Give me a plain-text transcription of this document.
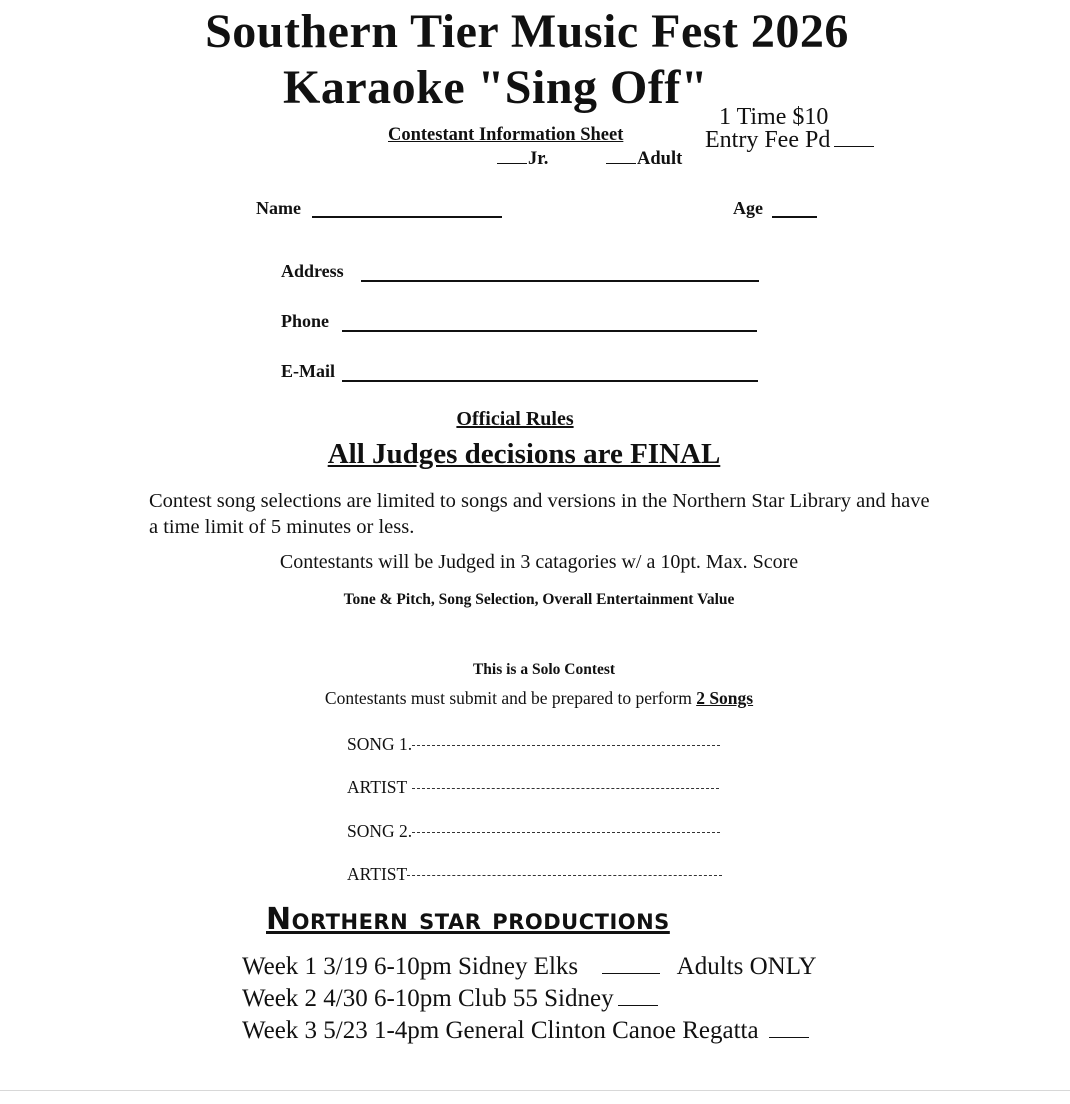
Southern Tier Music Fest 2026
Karaoke "Sing Off"
1 Time $10
Entry Fee Pd
Contestant Information Sheet
Jr.	Adult
Name	Age
Address
Phone
E-Mail
Official Rules
All Judges decisions are FINAL
Contest song selections are limited to songs and versions in the Northern Star Library and have a time limit of 5 minutes or less.
Contestants will be Judged in 3 catagories w/ a 10pt. Max. Score
Tone & Pitch, Song Selection, Overall Entertainment Value
This is a Solo Contest
Contestants must submit and be prepared to perform 2 Songs
SONG 1.
ARTIST
SONG 2.
ARTIST
Northern star productions
Week 1 3/19 6-10pm Sidney Elks	Adults ONLY
Week 2 4/30 6-10pm Club 55 Sidney
Week 3 5/23 1-4pm General Clinton Canoe Regatta
